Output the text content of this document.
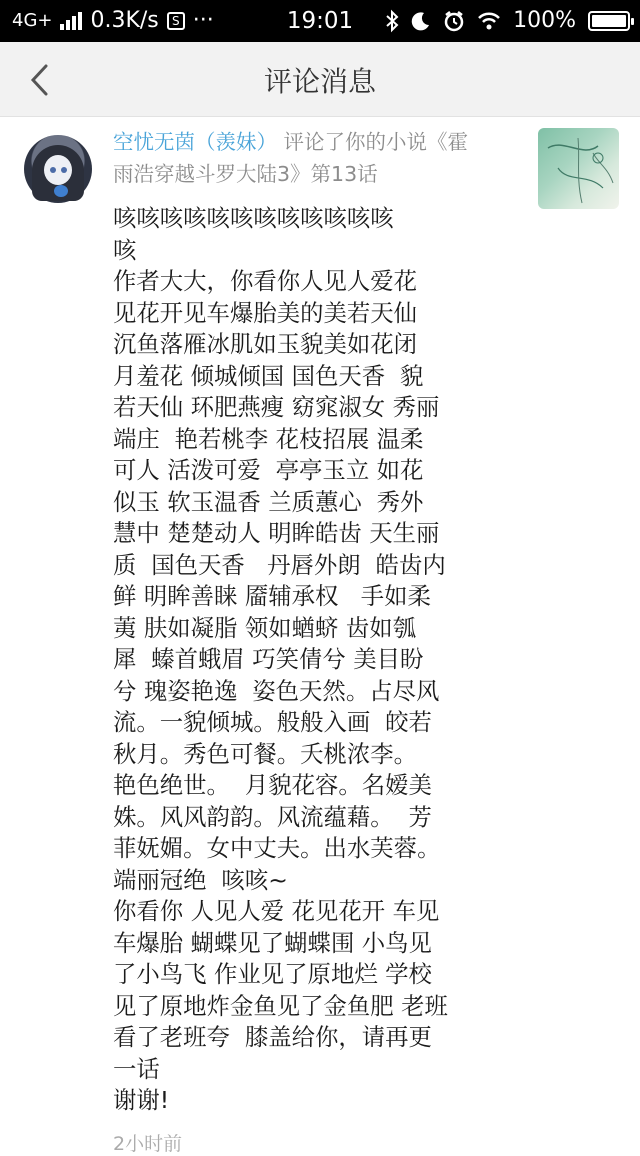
4G+ 0.3K/s	S ···	19:01	100%
评论消息
空忧无茵（羡妹） 评论了你的小说《霍
雨浩穿越斗罗大陆3》第13话
咳咳咳咳咳咳咳咳咳咳咳咳
咳
作者大大，你看你人见人爱花
见花开见车爆胎美的美若天仙
沉鱼落雁冰肌如玉貌美如花闭
月羞花 倾城倾国 国色天香  貌
若天仙 环肥燕瘦 窈窕淑女 秀丽
端庄  艳若桃李 花枝招展 温柔
可人 活泼可爱  亭亭玉立 如花
似玉 软玉温香 兰质蕙心  秀外
慧中 楚楚动人 明眸皓齿 天生丽
质  国色天香   丹唇外朗  皓齿内
鲜 明眸善睐 靥辅承权   手如柔
荑 肤如凝脂 领如蝤蛴 齿如瓠
犀  螓首蛾眉 巧笑倩兮 美目盼
兮 瑰姿艳逸  姿色天然。占尽风
流。一貌倾城。般般入画  皎若
秋月。秀色可餐。夭桃浓李。
艳色绝世。  月貌花容。名嫒美
姝。风风韵韵。风流蕴藉。  芳
菲妩媚。女中丈夫。出水芙蓉。
端丽冠绝  咳咳~
你看你 人见人爱 花见花开 车见
车爆胎 蝴蝶见了蝴蝶围 小鸟见
了小鸟飞 作业见了原地烂 学校
见了原地炸金鱼见了金鱼肥 老班
看了老班夸  膝盖给你，请再更
一话
谢谢!
2小时前
